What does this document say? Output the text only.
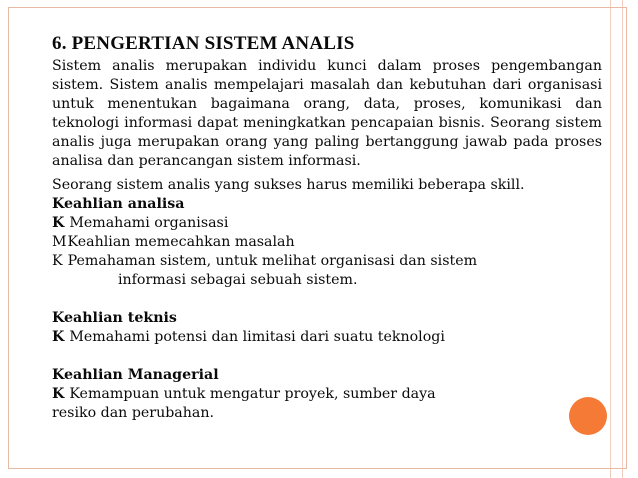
6. PENGERTIAN SISTEM ANALIS

Sistem analis merupakan individu kunci dalam proses pengembangan sistem. Sistem analis mempelajari masalah dan kebutuhan dari organisasi untuk menentukan bagaimana orang, data, proses, komunikasi dan teknologi informasi dapat meningkatkan pencapaian bisnis. Seorang sistem analis juga merupakan orang yang paling bertanggung jawab pada proses analisa dan perancangan sistem informasi.

Seorang sistem analis yang sukses harus memiliki beberapa skill.

Keahlian analisa
K Memahami organisasi
MKeahlian memecahkan masalah
K Pemahaman sistem, untuk melihat organisasi dan sistem
informasi sebagai sebuah sistem.
Keahlian teknis
K Memahami potensi dan limitasi dari suatu teknologi
Keahlian Managerial
K Kemampuan untuk mengatur proyek, sumber daya
resiko dan perubahan.
